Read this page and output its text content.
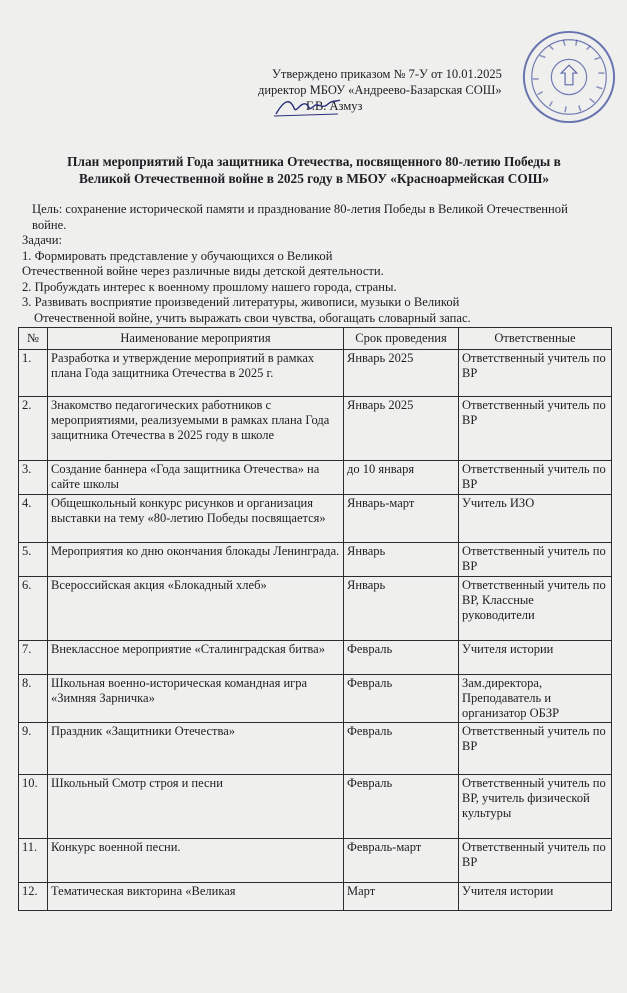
Утверждено приказом № 7-У от 10.01.2025
директор МБОУ «Андреево-Базарская СОШ»
Г.В. Азмуз
План мероприятий Года защитника Отечества, посвященного 80-летию Победы в
Великой Отечественной войне в 2025 году в МБОУ «Красноармейская СОШ»

Цель: сохранение исторической памяти и празднование 80-летия Победы в Великой Отечественной войне.

Задачи:

1. Формировать представление у обучающихся о Великой

Отечественной войне через различные виды детской деятельности.

2. Пробуждать интерес к военному прошлому нашего города, страны.

3. Развивать восприятие произведений литературы, живописи, музыки о Великой

Отечественной войне, учить выражать свои чувства, обогащать словарный запас.

№	Наименование мероприятия	Срок проведения	Ответственные
1.	Разработка и утверждение мероприятий в рамках плана Года защитника Отечества в 2025 г.	Январь 2025	Ответственный учитель по ВР
2.	Знакомство педагогических работников с мероприятиями, реализуемыми в рамках плана Года защитника Отечества в 2025 году в школе	Январь 2025	Ответственный учитель по ВР
3.	Создание баннера «Года защитника Отечества» на сайте школы	до 10 января	Ответственный учитель по ВР
4.	Общешкольный конкурс рисунков и организация выставки на тему «80-летию Победы посвящается»	Январь-март	Учитель ИЗО
5.	Мероприятия ко дню окончания блокады Ленинграда.	Январь	Ответственный учитель по ВР
6.	Всероссийская акция «Блокадный хлеб»	Январь	Ответственный учитель по ВР, Классные руководители
7.	Внеклассное мероприятие «Сталинградская битва»	Февраль	Учителя истории
8.	Школьная военно-историческая командная игра «Зимняя Зарничка»	Февраль	Зам.директора, Преподаватель и организатор ОБЗР
9.	Праздник «Защитники Отечества»	Февраль	Ответственный учитель по ВР
10.	Школьный Смотр строя и песни	Февраль	Ответственный учитель по ВР, учитель физической культуры
11.	Конкурс военной песни.	Февраль-март	Ответственный учитель по ВР
12.	Тематическая викторина «Великая	Март	Учителя истории
